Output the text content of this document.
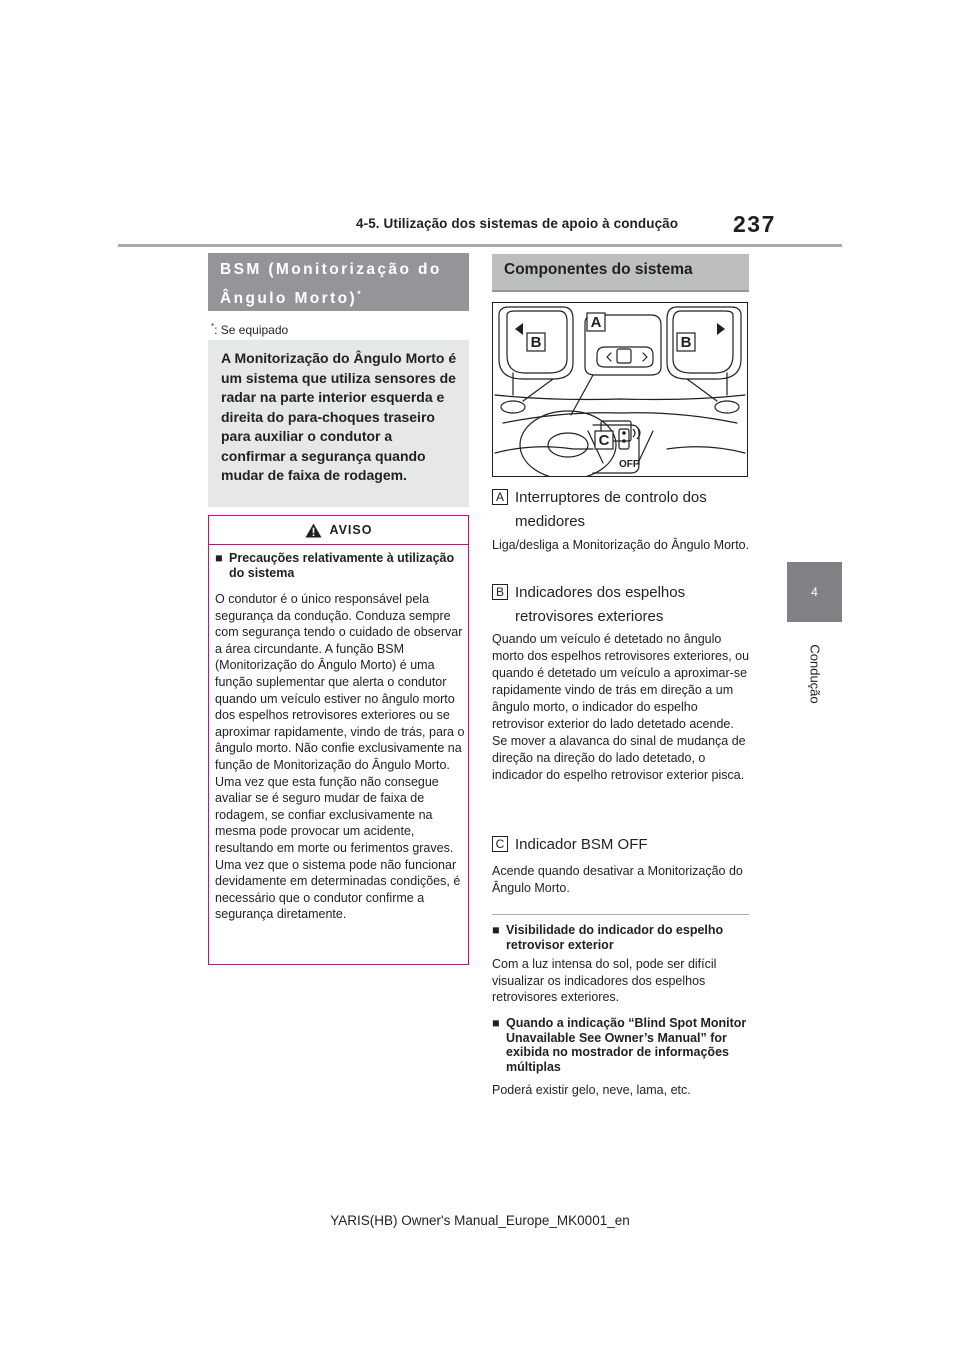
4-5. Utilização dos sistemas de apoio à condução 237
4
Condução
BSM (Monitorização do Ângulo Morto)*
*: Se equipado

A Monitorização do Ângulo Morto é um sistema que utiliza sensores de radar na parte interior esquerda e direita do para-choques traseiro para auxiliar o condutor a confirmar a segurança quando mudar de faixa de rodagem.

AVISO
■ Precauções relativamente à utilização do sistema

O condutor é o único responsável pela segurança da condução. Conduza sempre com segurança tendo o cuidado de observar a área circundante. A função BSM (Monitorização do Ângulo Morto) é uma função suplementar que alerta o condutor quando um veículo estiver no ângulo morto dos espelhos retrovisores exteriores ou se aproximar rapidamente, vindo de trás, para o ângulo morto. Não confie exclusivamente na função de Monitorização do Ângulo Morto. Uma vez que esta função não consegue avaliar se é seguro mudar de faixa de rodagem, se confiar exclusivamente na mesma pode provocar um acidente, resultando em morte ou ferimentos graves. Uma vez que o sistema pode não funcionar devidamente em determinadas condições, é necessário que o condutor confirme a segurança diretamente.

Componentes do sistema
A
B	B
C
OFF
A Interruptores de controlo dos medidores

Liga/desliga a Monitorização do Ângulo Morto.

B Indicadores dos espelhos retrovisores exteriores

Quando um veículo é detetado no ângulo morto dos espelhos retrovisores exteriores, ou quando é detetado um veículo a aproximar-se rapidamente vindo de trás em direção a um ângulo morto, o indicador do espelho retrovisor exterior do lado detetado acende. Se mover a alavanca do sinal de mudança de direção na direção do lado detetado, o indicador do espelho retrovisor exterior pisca.

C Indicador BSM OFF

Acende quando desativar a Monitorização do Ângulo Morto.

■ Visibilidade do indicador do espelho retrovisor exterior

Com a luz intensa do sol, pode ser difícil visualizar os indicadores dos espelhos retrovisores exteriores.

■ Quando a indicação “Blind Spot Monitor Unavailable See Owner’s Manual” for exibida no mostrador de informações múltiplas

Poderá existir gelo, neve, lama, etc.

YARIS(HB) Owner's Manual_Europe_MK0001_en
